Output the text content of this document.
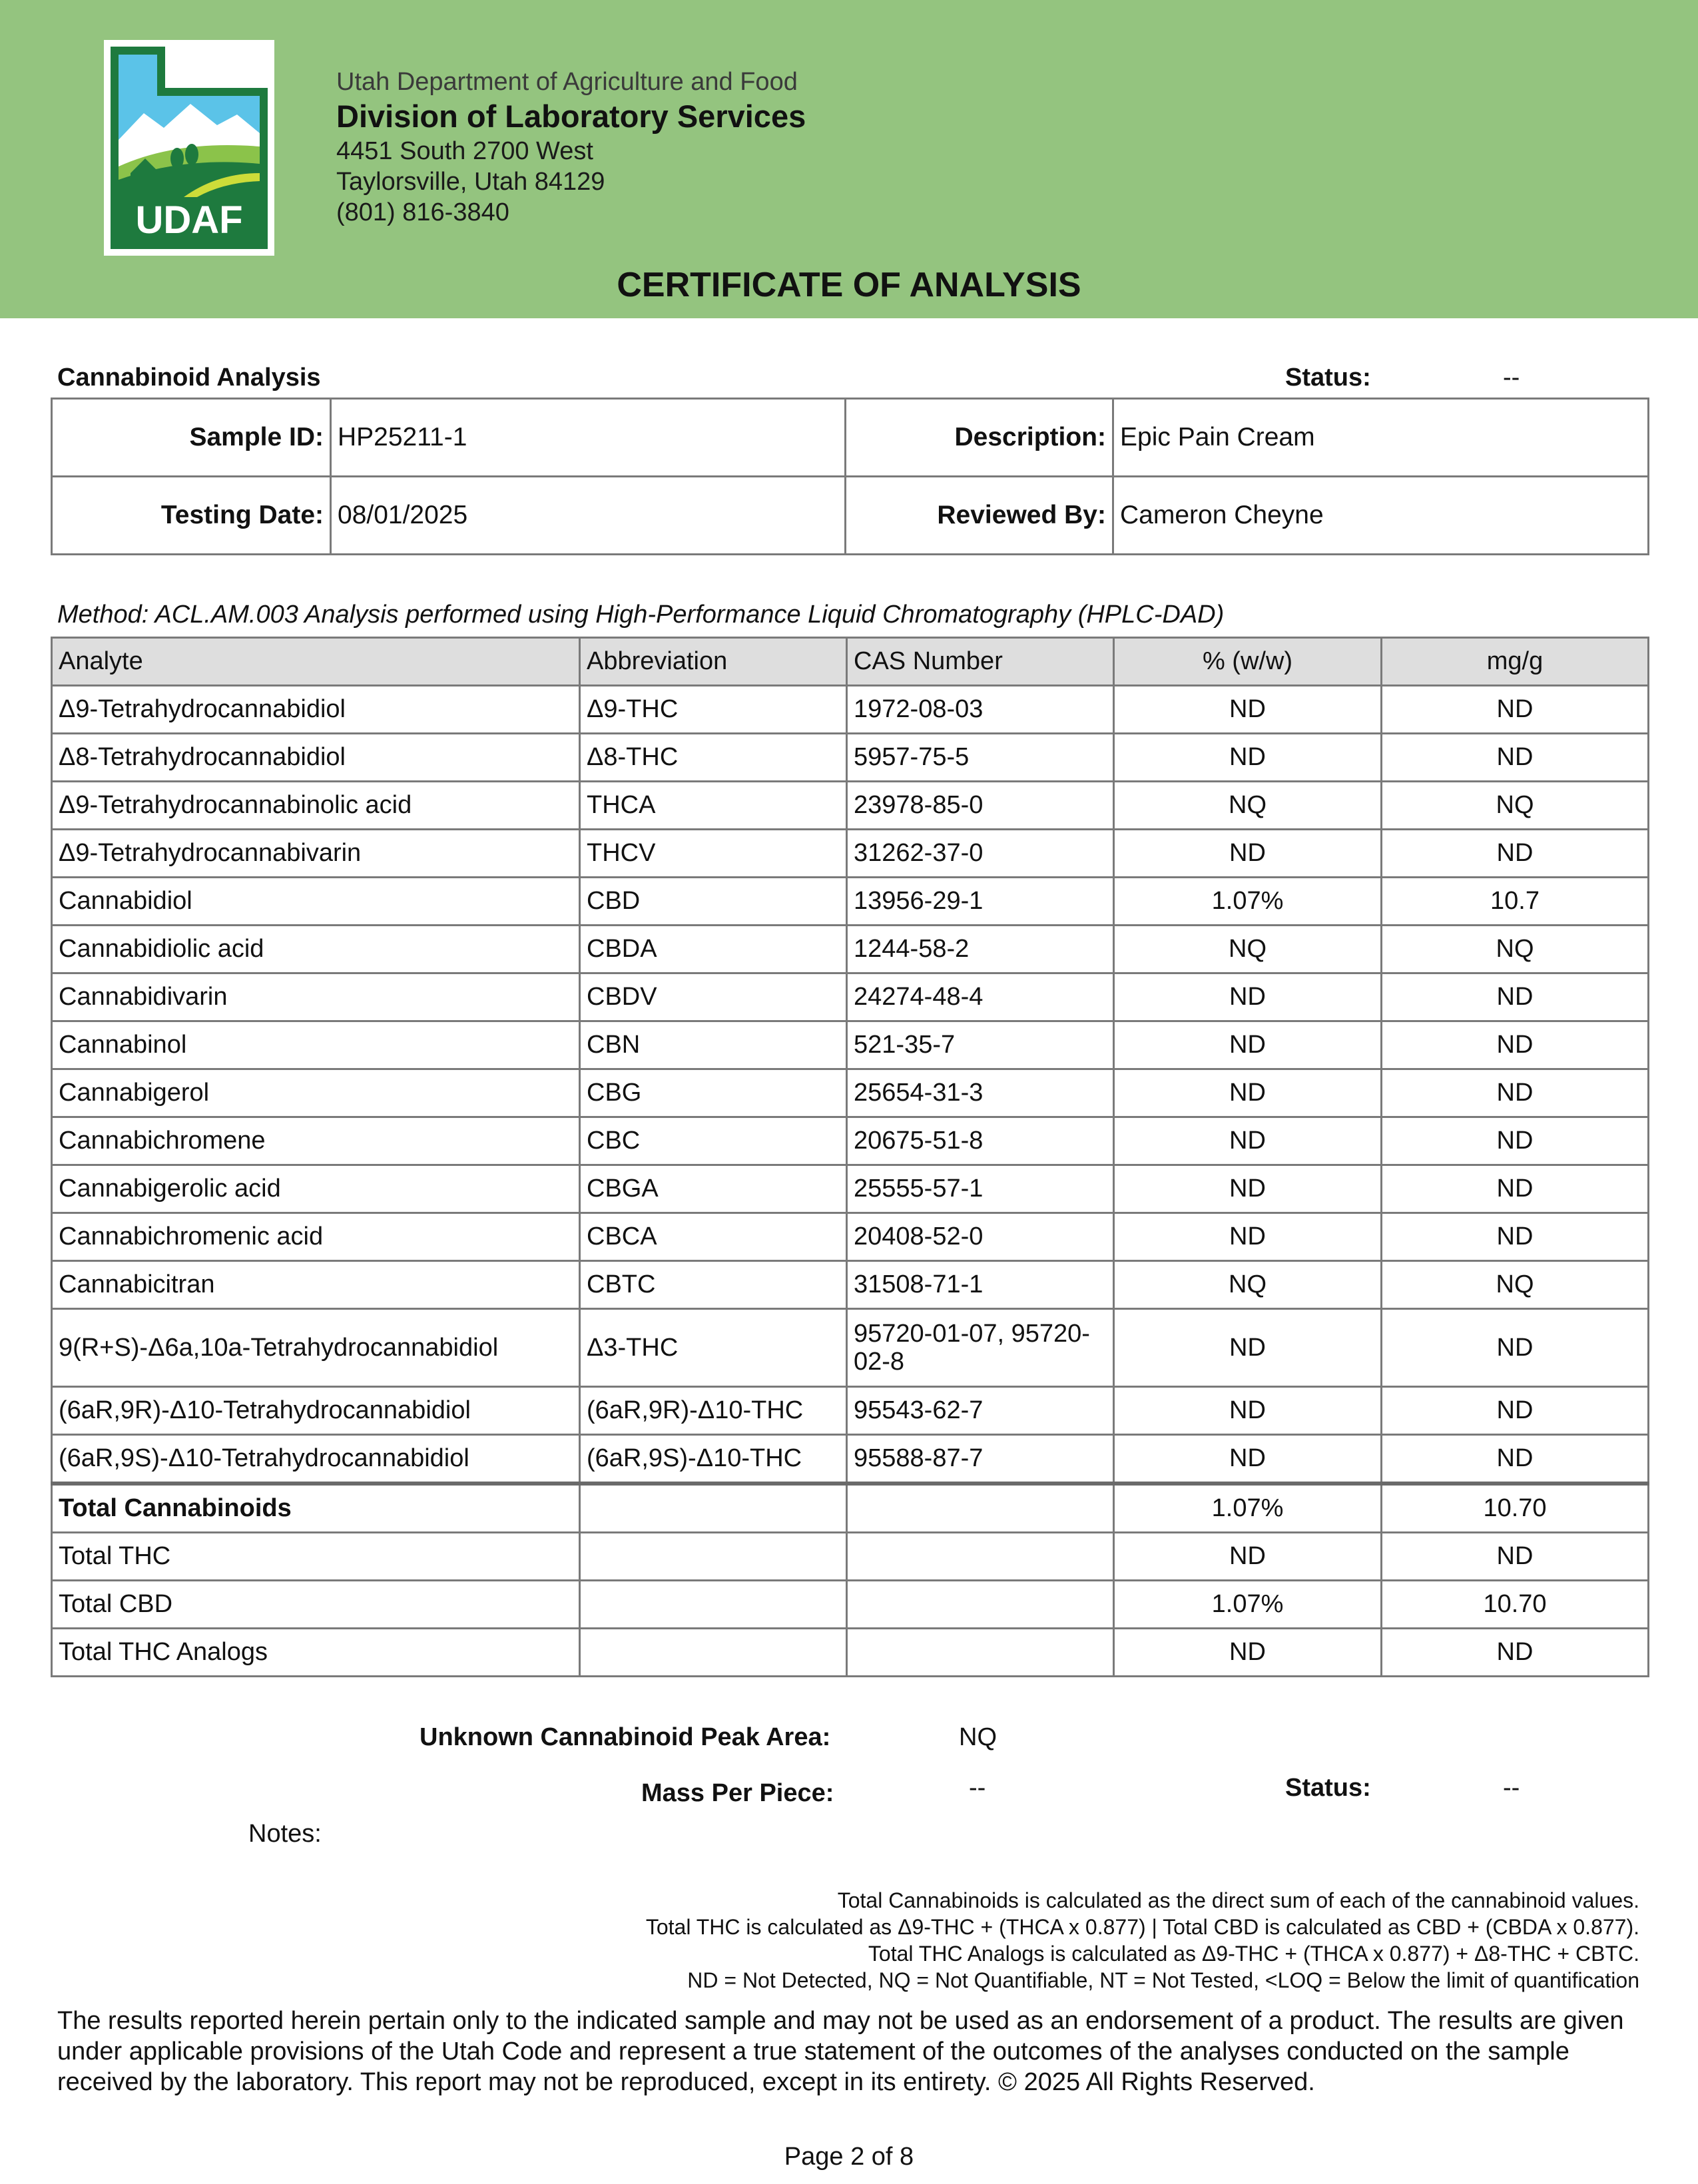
UDAF
Utah Department of Agriculture and Food
Division of Laboratory Services
4451 South 2700 West
Taylorsville, Utah 84129
(801) 816-3840
CERTIFICATE OF ANALYSIS
Cannabinoid Analysis	Status:	--
Sample ID:	HP25211-1	Description:	Epic Pain Cream
Testing Date:	08/01/2025	Reviewed By:	Cameron Cheyne
Method: ACL.AM.003 Analysis performed using High-Performance Liquid Chromatography (HPLC-DAD)
Analyte	Abbreviation	CAS Number	% (w/w)	mg/g
Δ9-Tetrahydrocannabidiol	Δ9-THC	1972-08-03	ND	ND
Δ8-Tetrahydrocannabidiol	Δ8-THC	5957-75-5	ND	ND
Δ9-Tetrahydrocannabinolic acid	THCA	23978-85-0	NQ	NQ
Δ9-Tetrahydrocannabivarin	THCV	31262-37-0	ND	ND
Cannabidiol	CBD	13956-29-1	1.07%	10.7
Cannabidiolic acid	CBDA	1244-58-2	NQ	NQ
Cannabidivarin	CBDV	24274-48-4	ND	ND
Cannabinol	CBN	521-35-7	ND	ND
Cannabigerol	CBG	25654-31-3	ND	ND
Cannabichromene	CBC	20675-51-8	ND	ND
Cannabigerolic acid	CBGA	25555-57-1	ND	ND
Cannabichromenic acid	CBCA	20408-52-0	ND	ND
Cannabicitran	CBTC	31508-71-1	NQ	NQ
9(R+S)-Δ6a,10a-Tetrahydrocannabidiol	Δ3-THC	95720-01-07, 95720-02-8	ND	ND
(6aR,9R)-Δ10-Tetrahydrocannabidiol	(6aR,9R)-Δ10-THC	95543-62-7	ND	ND
(6aR,9S)-Δ10-Tetrahydrocannabidiol	(6aR,9S)-Δ10-THC	95588-87-7	ND	ND
Total Cannabinoids			1.07%	10.70
Total THC			ND	ND
Total CBD			1.07%	10.70
Total THC Analogs			ND	ND
Unknown Cannabinoid Peak Area:	NQ
Mass Per Piece:	--	Status:	--
Notes:
Total Cannabinoids is calculated as the direct sum of each of the cannabinoid values.
Total THC is calculated as Δ9-THC + (THCA x 0.877) | Total CBD is calculated as CBD + (CBDA x 0.877).
Total THC Analogs is calculated as Δ9-THC + (THCA x 0.877) + Δ8-THC + CBTC.
ND = Not Detected, NQ = Not Quantifiable, NT = Not Tested, <LOQ = Below the limit of quantification
The results reported herein pertain only to the indicated sample and may not be used as an endorsement of a product. The results are given under applicable provisions of the Utah Code and represent a true statement of the outcomes of the analyses conducted on the sample received by the laboratory. This report may not be reproduced, except in its entirety. © 2025 All Rights Reserved.
Page 2 of 8
